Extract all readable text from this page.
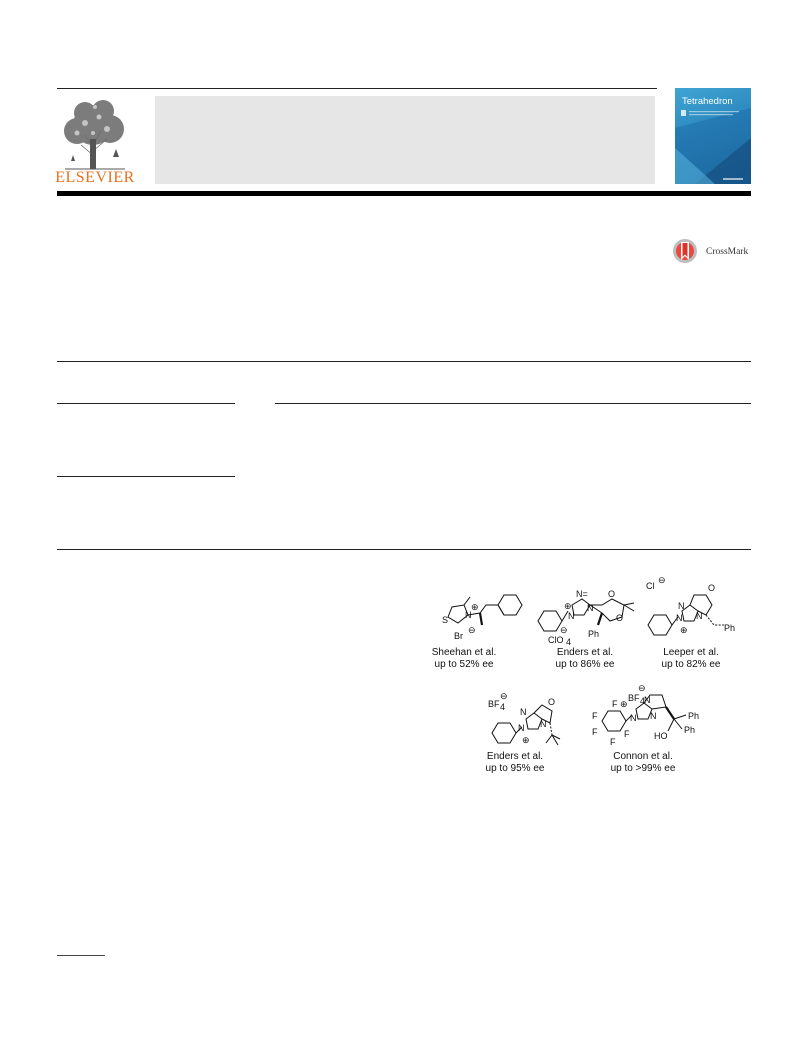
ELSEVIER
Tetrahedron
CrossMark
S N
⊕
Br
⊖
Sheehan et al.
up to 52% ee
⊕
N
N=
N
O
O
Ph
ClO 4
⊖
Enders et al.
up to 86% ee
Cl
⊖
N
N N
O
⊕	Ph
Leeper et al.
up to 82% ee
BF 4
⊖
N
N N
O
⊕
Enders et al.
up to 95% ee
BF 4
⊖
⊕
F
F
F
F
F
N N
N
Ph
Ph
HO
Connon et al.
up to >99% ee
